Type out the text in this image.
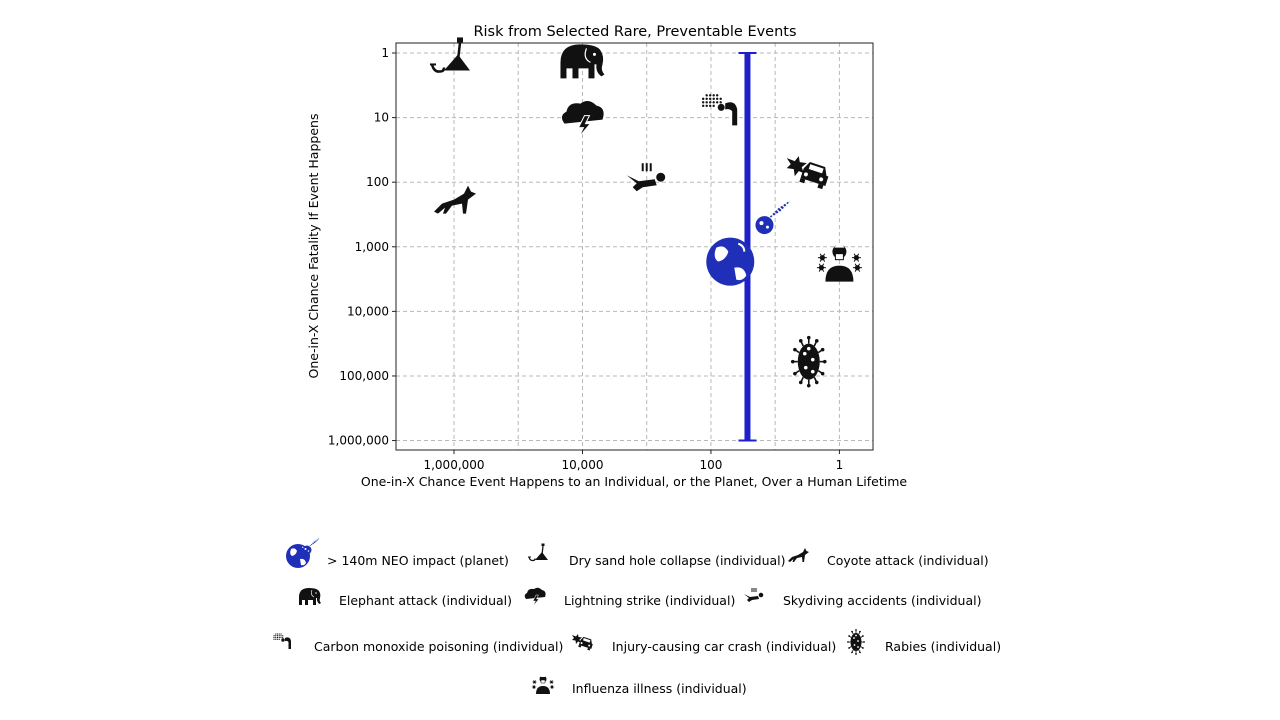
Risk from Selected Rare, Preventable Events
1,000,000	10,000	100	1
1
10
100
1,000
10,000
100,000
1,000,000
One-in-X Chance Event Happens to an Individual, or the Planet, Over a Human Lifetime
One-in-X Chance Fatality If Event Happens
> 140m NEO impact (planet)	Dry sand hole collapse (individual)	Coyote attack (individual)
Elephant attack (individual)	Lightning strike (individual)	Skydiving accidents (individual)
Carbon monoxide poisoning (individual)	Injury-causing car crash (individual)	Rabies (individual)
Influenza illness (individual)
